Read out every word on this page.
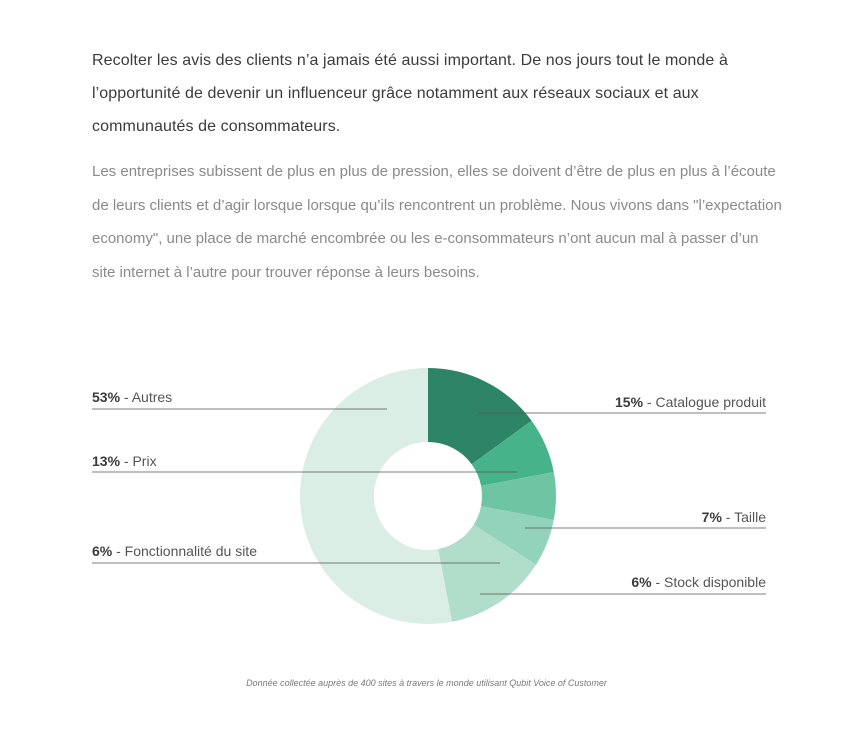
Recolter les avis des clients n’a jamais été aussi important. De nos jours tout le monde à l’opportunité de devenir un influenceur grâce notamment aux réseaux sociaux et aux communautés de consommateurs.

Les entreprises subissent de plus en plus de pression, elles se doivent d’être de plus en plus à l’écoute de leurs clients et d’agir lorsque lorsque qu’ils rencontrent un problème. Nous vivons dans "l’expectation economy", une place de marché encombrée ou les e-consommateurs n’ont aucun mal à passer d’un site internet à l’autre pour trouver réponse à leurs besoins.

15% - Catalogue produit
7% - Taille
6% - Stock disponible
6% - Fonctionnalité du site
13% - Prix
53% - Autres

Donnée collectée auprès de 400 sites à travers le monde utilisant Qubit Voice of Customer
